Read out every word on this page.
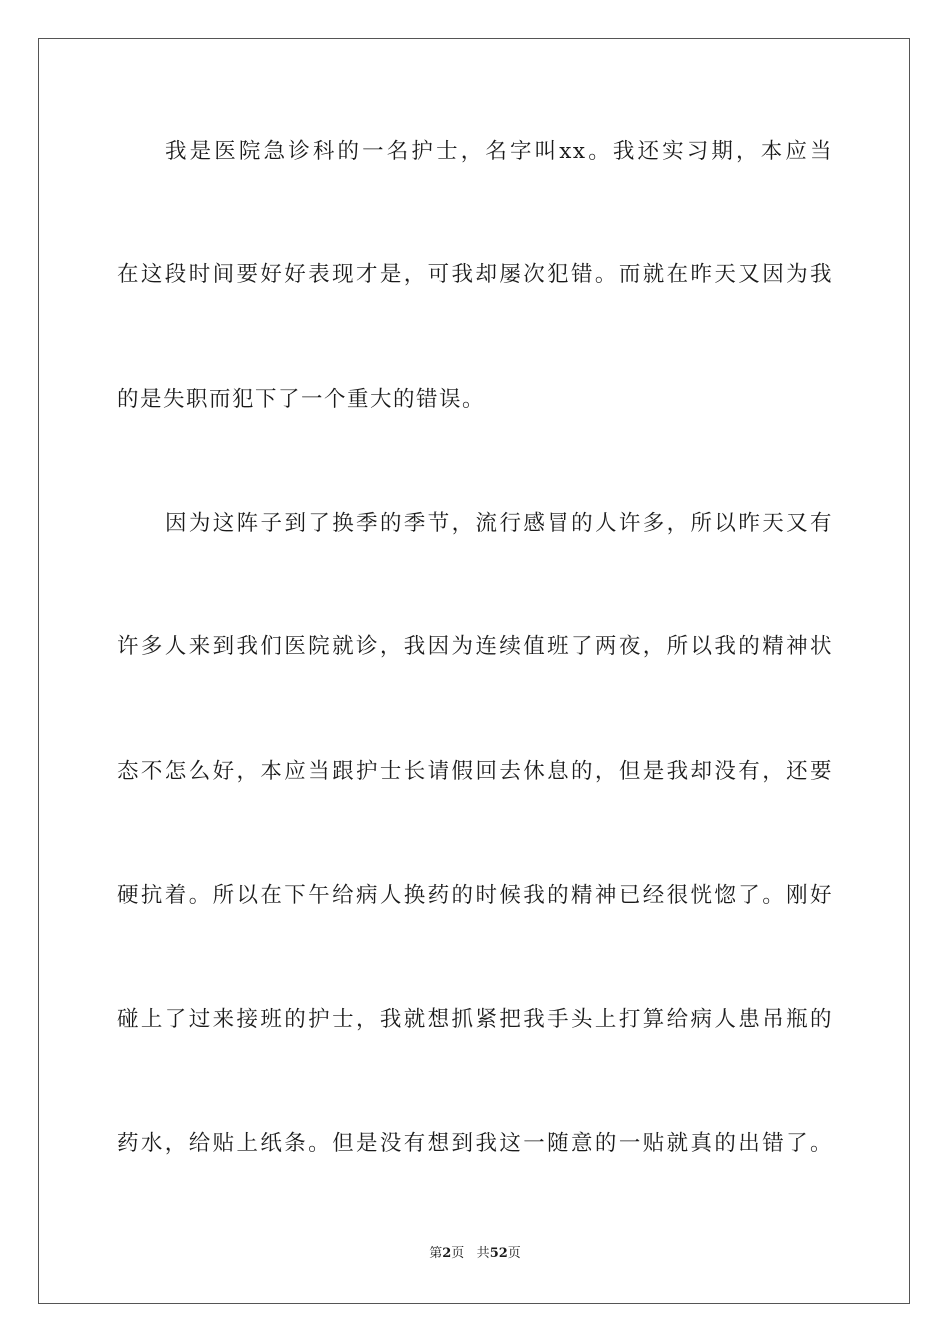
我是医院急诊科的一名护士，名字叫xx。我还实习期，本应当
在这段时间要好好表现才是，可我却屡次犯错。而就在昨天又因为我
的是失职而犯下了一个重大的错误。
因为这阵子到了换季的季节，流行感冒的人许多，所以昨天又有
许多人来到我们医院就诊，我因为连续值班了两夜，所以我的精神状
态不怎么好，本应当跟护士长请假回去休息的，但是我却没有，还要
硬抗着。所以在下午给病人换药的时候我的精神已经很恍惚了。刚好
碰上了过来接班的护士，我就想抓紧把我手头上打算给病人患吊瓶的
药水，给贴上纸条。但是没有想到我这一随意的一贴就真的出错了。
第2页 共52页
